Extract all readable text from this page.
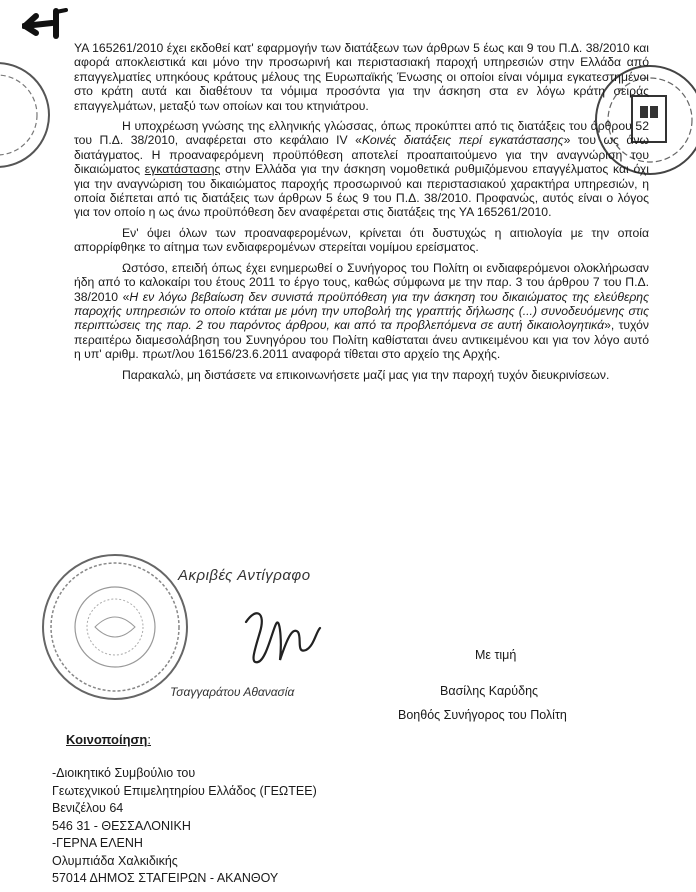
ΥΑ 165261/2010 έχει εκδοθεί κατ' εφαρμογήν των διατάξεων των άρθρων 5 έως και 9 του Π.Δ. 38/2010 και αφορά αποκλειστικά και μόνο την προσωρινή και περιστασιακή παροχή υπηρεσιών στην Ελλάδα από επαγγελματίες υπηκόους κράτους μέλους της Ευρωπαϊκής Ένωσης οι οποίοι είναι νόμιμα εγκατεστημένοι στο κράτη αυτά και διαθέτουν τα νόμιμα προσόντα για την άσκηση στα εν λόγω κράτη σειράς επαγγελμάτων, μεταξύ των οποίων και του κτηνιάτρου.

Η υποχρέωση γνώσης της ελληνικής γλώσσας, όπως προκύπτει από τις διατάξεις του άρθρου 52 του Π.Δ. 38/2010, αναφέρεται στο κεφάλαιο IV «Κοινές διατάξεις περί εγκατάστασης» του ως άνω διατάγματος. Η προαναφερόμενη προϋπόθεση αποτελεί προαπαιτούμενο για την αναγνώριση του δικαιώματος εγκατάστασης στην Ελλάδα για την άσκηση νομοθετικά ρυθμιζόμενου επαγγέλματος και όχι για την αναγνώριση του δικαιώματος παροχής προσωρινού και περιστασιακού χαρακτήρα υπηρεσιών, η οποία διέπεται από τις διατάξεις των άρθρων 5 έως 9 του Π.Δ. 38/2010. Προφανώς, αυτός είναι ο λόγος για τον οποίο η ως άνω προϋπόθεση δεν αναφέρεται στις διατάξεις της ΥΑ 165261/2010.

Εν' όψει όλων των προαναφερομένων, κρίνεται ότι δυστυχώς η αιτιολογία με την οποία απορρίφθηκε το αίτημα των ενδιαφερομένων στερείται νομίμου ερείσματος.

Ωστόσο, επειδή όπως έχει ενημερωθεί ο Συνήγορος του Πολίτη οι ενδιαφερόμενοι ολοκλήρωσαν ήδη από το καλοκαίρι του έτους 2011 το έργο τους, καθώς σύμφωνα με την παρ. 3 του άρθρου 7 του Π.Δ. 38/2010 «Η εν λόγω βεβαίωση δεν συνιστά προϋπόθεση για την άσκηση του δικαιώματος της ελεύθερης παροχής υπηρεσιών το οποίο κτάται με μόνη την υποβολή της γραπτής δήλωσης (...) συνοδευόμενης στις περιπτώσεις της παρ. 2 του παρόντος άρθρου, και από τα προβλεπόμενα σε αυτή δικαιολογητικά», τυχόν περαιτέρω διαμεσολάβηση του Συνηγόρου του Πολίτη καθίσταται άνευ αντικειμένου και για τον λόγο αυτό η υπ' αριθμ. πρωτ/λου 16156/23.6.2011 αναφορά τίθεται στο αρχείο της Αρχής.

Παρακαλώ, μη διστάσετε να επικοινωνήσετε μαζί μας για την παροχή τυχόν διευκρινίσεων.

Ακριβές Αντίγραφο
Τσαγγαράτου Αθανασία
Με τιμή
Βασίλης Καρύδης
Βοηθός Συνήγορος του Πολίτη
Κοινοποίηση:
-Διοικητικό Συμβούλιο του
Γεωτεχνικού Επιμελητηρίου Ελλάδος (ΓΕΩΤΕΕ)
Βενιζέλου 64
546 31 - ΘΕΣΣΑΛΟΝΙΚΗ
-ΓΕΡΝΑ ΕΛΕΝΗ
Ολυμπιάδα Χαλκιδικής
57014 ΔΗΜΟΣ ΣΤΑΓΕΙΡΩΝ - ΑΚΑΝΘΟΥ
